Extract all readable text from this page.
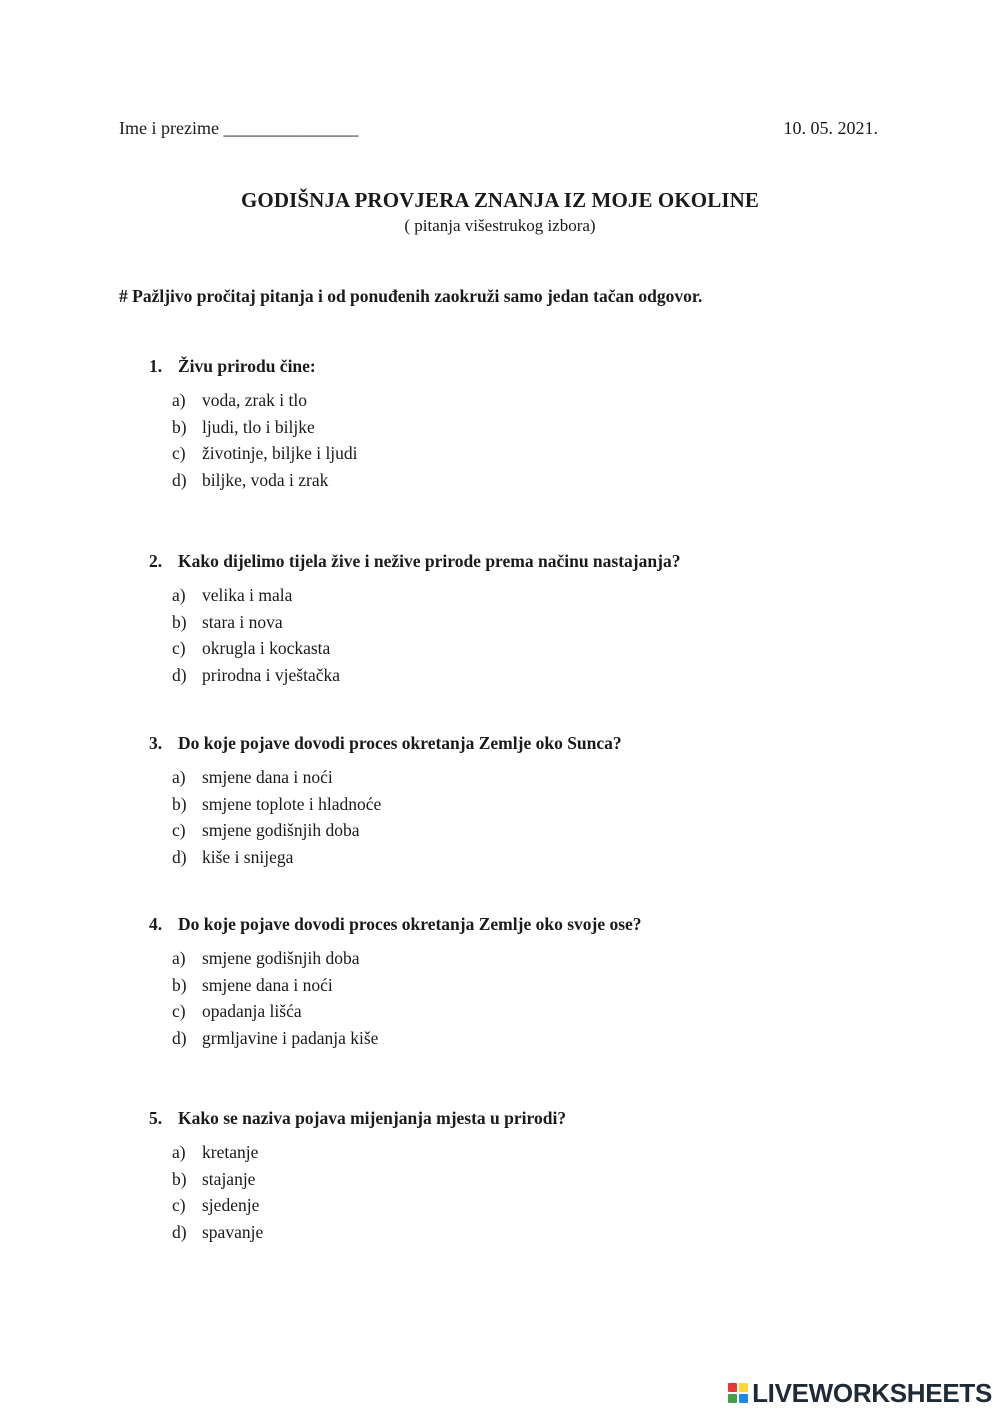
Ime i prezime _______________	10. 05. 2021.
GODIŠNJA PROVJERA ZNANJA IZ MOJE OKOLINE
( pitanja višestrukog izbora)
# Pažljivo pročitaj pitanja i od ponuđenih zaokruži samo jedan tačan odgovor.
1. Živu prirodu čine:
a) voda, zrak i tlo
b) ljudi, tlo i biljke
c) životinje, biljke i ljudi
d) biljke, voda i zrak
2. Kako dijelimo tijela žive i nežive prirode prema načinu nastajanja?
a) velika i mala
b) stara i nova
c) okrugla i kockasta
d) prirodna i vještačka
3. Do koje pojave dovodi proces okretanja Zemlje oko Sunca?
a) smjene dana i noći
b) smjene toplote i hladnoće
c) smjene godišnjih doba
d) kiše i snijega
4. Do koje pojave dovodi proces okretanja Zemlje oko svoje ose?
a) smjene godišnjih doba
b) smjene dana i noći
c) opadanja lišća
d) grmljavine i padanja kiše
5. Kako se naziva pojava mijenjanja mjesta u prirodi?
a) kretanje
b) stajanje
c) sjedenje
d) spavanje
LIVEWORKSHEETS
